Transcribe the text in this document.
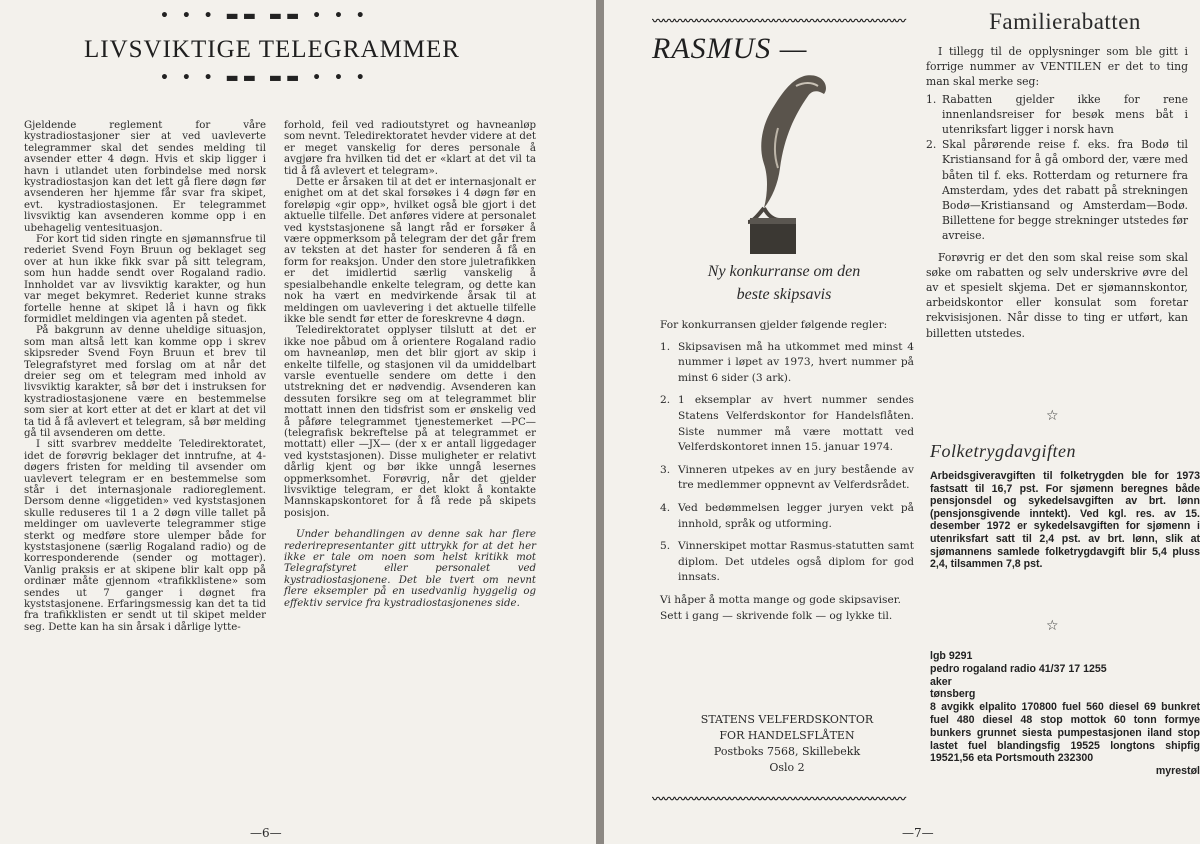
• • • ▬▬ ▬▬ • • •
LIVSVIKTIGE TELEGRAMMER
• • • ▬▬ ▬▬ • • •

Gjeldende reglement for våre kystradiostasjoner sier at ved uavleverte telegrammer skal det sendes melding til avsender etter 4 døgn. Hvis et skip ligger i havn i utlandet uten forbindelse med norsk kystradiostasjon kan det lett gå flere døgn før avsenderen her hjemme får svar fra skipet, evt. kystradiostasjonen. Er telegrammet livsviktig kan avsenderen komme opp i en ubehagelig ventesituasjon.

For kort tid siden ringte en sjømannsfrue til rederiet Svend Foyn Bruun og beklaget seg over at hun ikke fikk svar på sitt telegram, som hun hadde sendt over Rogaland radio. Innholdet var av livsviktig karakter, og hun var meget bekymret. Rederiet kunne straks fortelle henne at skipet lå i havn og fikk formidlet meldingen via agenten på stedet.

På bakgrunn av denne uheldige situasjon, som man altså lett kan komme opp i skrev skipsreder Svend Foyn Bruun et brev til Telegrafstyret med forslag om at når det dreier seg om et telegram med inhold av livsviktig karakter, så bør det i instruksen for kystradiostasjonene være en bestemmelse som sier at kort etter at det er klart at det vil ta tid å få avlevert et telegram, så bør melding gå til avsenderen om dette.

I sitt svarbrev meddelte Teledirektoratet, idet de forøvrig beklager det inntrufne, at 4-døgers fristen for melding til avsender om uavlevert telegram er en bestemmelse som står i det internasjonale radioreglement. Dersom denne «liggetiden» ved kyststasjonen skulle reduseres til 1 a 2 døgn ville tallet på meldinger om uavleverte telegrammer stige sterkt og medføre store ulemper både for kyststasjonene (særlig Rogaland radio) og de korresponderende (sender og mottager). Vanlig praksis er at skipene blir kalt opp på ordinær måte gjennom «trafikklistene» som sendes ut 7 ganger i døgnet fra kyststasjonene. Erfaringsmessig kan det ta tid fra trafikklisten er sendt ut til skipet melder seg. Dette kan ha sin årsak i dårlige lytte-

forhold, feil ved radioutstyret og havneanløp som nevnt. Teledirektoratet hevder videre at det er meget vanskelig for deres personale å avgjøre fra hvilken tid det er «klart at det vil ta tid å få avlevert et telegram».

Dette er årsaken til at det er internasjonalt er enighet om at det skal forsøkes i 4 døgn før en foreløpig «gir opp», hvilket også ble gjort i det aktuelle tilfelle. Det anføres videre at personalet ved kyststasjonene så langt råd er forsøker å være oppmerksom på telegram der det går frem av teksten at det haster for senderen å få en form for reaksjon. Under den store juletrafikken er det imidlertid særlig vanskelig å spesialbehandle enkelte telegram, og dette kan nok ha vært en medvirkende årsak til at meldingen om uavlevering i det aktuelle tilfelle ikke ble sendt før etter de foreskrevne 4 døgn.

Teledirektoratet opplyser tilslutt at det er ikke noe påbud om å orientere Rogaland radio om havneanløp, men det blir gjort av skip i enkelte tilfelle, og stasjonen vil da umiddelbart varsle eventuelle sendere om dette i den utstrekning det er nødvendig. Avsenderen kan dessuten forsikre seg om at telegrammet blir mottatt innen den tidsfrist som er ønskelig ved å påføre telegrammet tjenestemerket —PC— (telegrafisk bekreftelse på at telegrammet er mottatt) eller —JX— (der x er antall liggedager ved kyststasjonen). Disse muligheter er relativt dårlig kjent og bør ikke unngå lesernes oppmerksomhet. Forøvrig, når det gjelder livsviktige telegram, er det klokt å kontakte Mannskapskontoret for å få rede på skipets posisjon.

Under behandlingen av denne sak har flere rederirepresentanter gitt uttrykk for at det her ikke er tale om noen som helst kritikk mot Telegrafstyret eller personalet ved kystradiostasjonene. Det ble tvert om nevnt flere eksempler på en usedvanlig hyggelig og effektiv service fra kystradiostasjonenes side.

—6—
〰〰〰〰〰〰〰〰〰〰〰〰〰〰〰〰〰〰〰〰〰〰〰
RASMUS —
Ny konkurranse om den
beste skipsavis

For konkurransen gjelder følgende regler:

1. Skipsavisen må ha utkommet med minst 4 nummer i løpet av 1973, hvert nummer på minst 6 sider (3 ark).
2. 1 eksemplar av hvert nummer sendes Statens Velferdskontor for Handelsflåten. Siste nummer må være mottatt ved Velferdskontoret innen 15. januar 1974.
3. Vinneren utpekes av en jury bestående av tre medlemmer oppnevnt av Velferdsrådet.
4. Ved bedømmelsen legger juryen vekt på innhold, språk og utforming.
5. Vinnerskipet mottar Rasmus-statutten samt diplom. Det utdeles også diplom for god innsats.

Vi håper å motta mange og gode skipsaviser. Sett i gang — skrivende folk — og lykke til.

STATENS VELFERDSKONTOR
FOR HANDELSFLÅTEN
Postboks 7568, Skillebekk
Oslo 2
〰〰〰〰〰〰〰〰〰〰〰〰〰〰〰〰〰〰〰〰〰〰〰
Familierabatten

I tillegg til de opplysninger som ble gitt i forrige nummer av VENTILEN er det to ting man skal merke seg:

1. Rabatten gjelder ikke for rene innenlandsreiser for besøk mens båt i utenriksfart ligger i norsk havn
2. Skal pårørende reise f. eks. fra Bodø til Kristiansand for å gå ombord der, være med båten til f. eks. Rotterdam og returnere fra Amsterdam, ydes det rabatt på strekningen Bodø—Kristiansand og Amsterdam—Bodø. Billettene for begge strekninger utstedes før avreise.

Forøvrig er det den som skal reise som skal søke om rabatten og selv underskrive øvre del av et spesielt skjema. Det er sjømannskontor, arbeidskontor eller konsulat som foretar rekvisisjonen. Når disse to ting er utført, kan billetten utstedes.

☆
Folketrygdavgiften
Arbeidsgiveravgiften til folketrygden ble for 1973 fastsatt til 16,7 pst. For sjømenn beregnes både pensjonsdel og sykedelsavgiften av brt. lønn (pensjonsgivende inntekt). Ved kgl. res. av 15. desember 1972 er sykedelsavgiften for sjømenn i utenriksfart satt til 2,4 pst. av brt. lønn, slik at sjømannens samlede folketrygdavgift blir 5,4 pluss 2,4, tilsammen 7,8 pst.
☆
lgb 9291
pedro rogaland radio 41/37 17 1255
aker
tønsberg
8 avgikk elpalito 170800 fuel 560 diesel 69 bunkret fuel 480 diesel 48 stop mottok 60 tonn formye bunkers grunnet siesta pumpestasjonen iland stop lastet fuel blandingsfig 19525 longtons shipfig 19521,56 eta Portsmouth 232300
myrestøl
—7—
